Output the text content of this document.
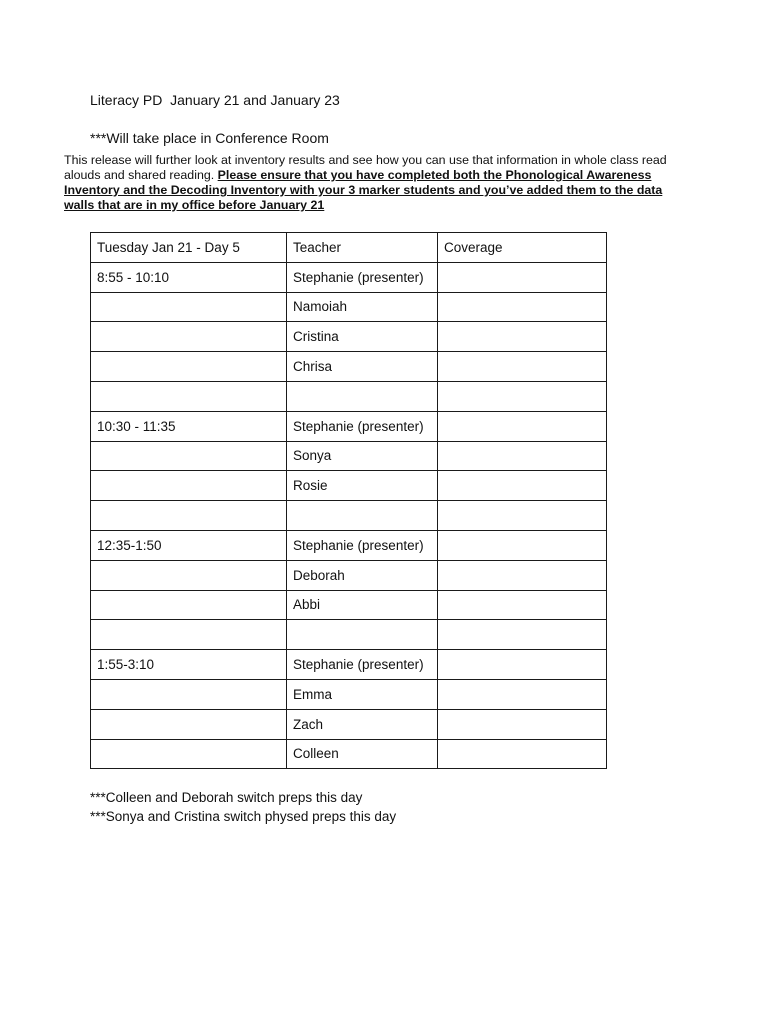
Literacy PD  January 21 and January 23
***Will take place in Conference Room
This release will further look at inventory results and see how you can use that information in whole class read alouds and shared reading. Please ensure that you have completed both the Phonological Awareness Inventory and the Decoding Inventory with your 3 marker students and you’ve added them to the data walls that are in my office before January 21
Tuesday Jan 21 - Day 5	Teacher	Coverage
8:55 - 10:10	Stephanie (presenter)	
	Namoiah	
	Cristina	
	Chrisa	

10:30 - 11:35	Stephanie (presenter)	
	Sonya	
	Rosie	

12:35-1:50	Stephanie (presenter)	
	Deborah	
	Abbi	

1:55-3:10	Stephanie (presenter)	
	Emma	
	Zach	
	Colleen	
***Colleen and Deborah switch preps this day
***Sonya and Cristina switch physed preps this day
